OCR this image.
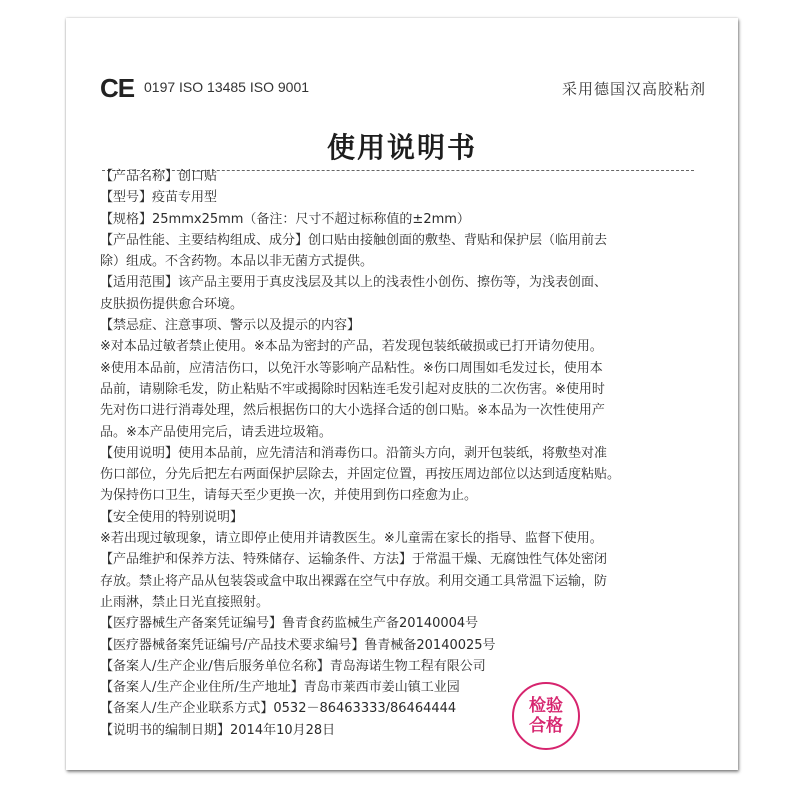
CE 0197 ISO 13485 ISO 9001	采用德国汉高胶粘剂
使用说明书
【产品名称】创口贴
【型号】疫苗专用型
【规格】25mmx25mm（备注：尺寸不超过标称值的±2mm）
【产品性能、主要结构组成、成分】创口贴由接触创面的敷垫、背贴和保护层（临用前去
除）组成。不含药物。本品以非无菌方式提供。
【适用范围】该产品主要用于真皮浅层及其以上的浅表性小创伤、擦伤等，为浅表创面、
皮肤损伤提供愈合环境。
【禁忌症、注意事项、警示以及提示的内容】
※对本品过敏者禁止使用。※本品为密封的产品，若发现包装纸破损或已打开请勿使用。
※使用本品前，应清洁伤口，以免汗水等影响产品粘性。※伤口周围如毛发过长，使用本
品前，请剔除毛发，防止粘贴不牢或揭除时因粘连毛发引起对皮肤的二次伤害。※使用时
先对伤口进行消毒处理，然后根据伤口的大小选择合适的创口贴。※本品为一次性使用产
品。※本产品使用完后，请丢进垃圾箱。
【使用说明】使用本品前，应先清洁和消毒伤口。沿箭头方向，剥开包装纸，将敷垫对准
伤口部位，分先后把左右两面保护层除去，并固定位置，再按压周边部位以达到适度粘贴。
为保持伤口卫生，请每天至少更换一次，并使用到伤口痊愈为止。
【安全使用的特别说明】
※若出现过敏现象，请立即停止使用并请教医生。※儿童需在家长的指导、监督下使用。
【产品维护和保养方法、特殊储存、运输条件、方法】于常温干燥、无腐蚀性气体处密闭
存放。禁止将产品从包装袋或盒中取出裸露在空气中存放。利用交通工具常温下运输，防
止雨淋，禁止日光直接照射。
【医疗器械生产备案凭证编号】鲁青食药监械生产备20140004号
【医疗器械备案凭证编号/产品技术要求编号】鲁青械备20140025号
【备案人/生产企业/售后服务单位名称】青岛海诺生物工程有限公司
【备案人/生产企业住所/生产地址】青岛市莱西市姜山镇工业园
【备案人/生产企业联系方式】0532－86463333/86464444
【说明书的编制日期】2014年10月28日
检验
合格
